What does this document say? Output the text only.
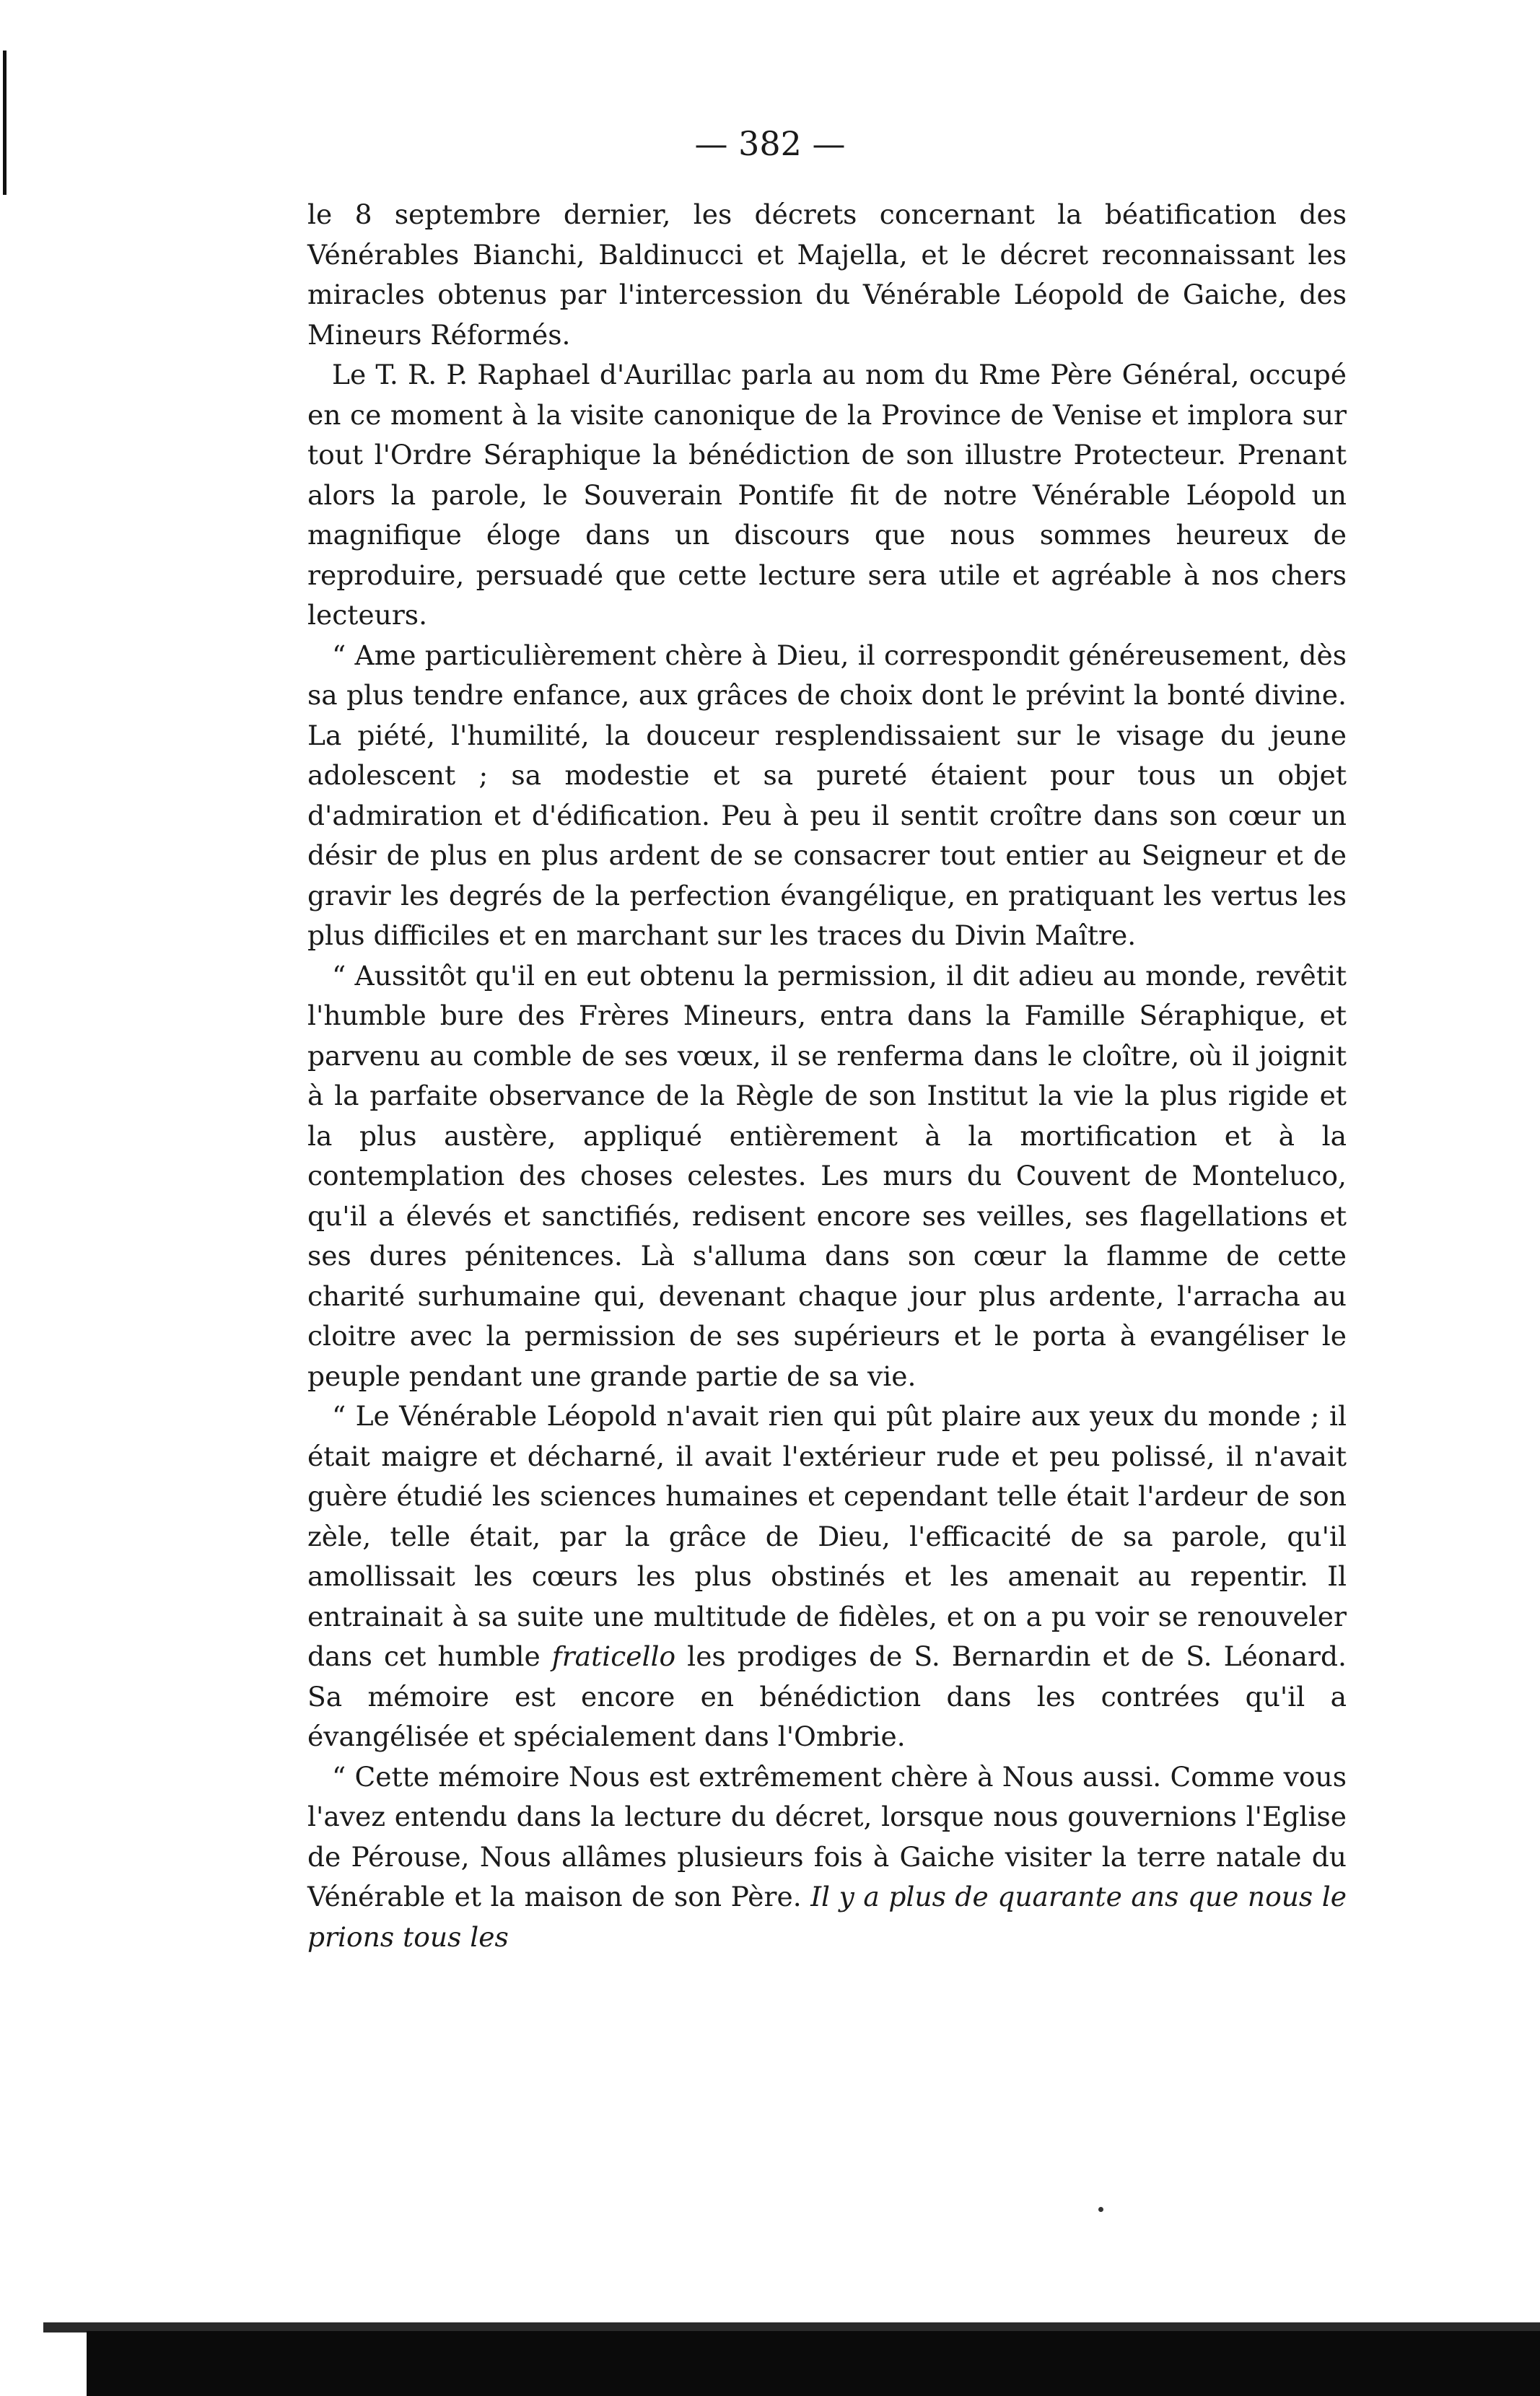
— 382 —

le 8 septembre dernier, les décrets concernant la béatification des Vénérables Bianchi, Baldinucci et Majella, et le décret reconnaissant les miracles obtenus par l'intercession du Vénérable Léopold de Gaiche, des Mineurs Réformés.

Le T. R. P. Raphael d'Aurillac parla au nom du Rme Père Général, occupé en ce moment à la visite canonique de la Province de Venise et implora sur tout l'Ordre Séraphique la bénédiction de son illustre Protecteur. Prenant alors la parole, le Souverain Pontife fit de notre Vénérable Léopold un magnifique éloge dans un discours que nous sommes heureux de reproduire, persuadé que cette lecture sera utile et agréable à nos chers lecteurs.

“ Ame particulièrement chère à Dieu, il correspondit généreusement, dès sa plus tendre enfance, aux grâces de choix dont le prévint la bonté divine. La piété, l'humilité, la douceur resplendissaient sur le visage du jeune adolescent ; sa modestie et sa pureté étaient pour tous un objet d'admiration et d'édification. Peu à peu il sentit croître dans son cœur un désir de plus en plus ardent de se consacrer tout entier au Seigneur et de gravir les degrés de la perfection évangélique, en pratiquant les vertus les plus difficiles et en marchant sur les traces du Divin Maître.

“ Aussitôt qu'il en eut obtenu la permission, il dit adieu au monde, revêtit l'humble bure des Frères Mineurs, entra dans la Famille Séraphique, et parvenu au comble de ses vœux, il se renferma dans le cloître, où il joignit à la parfaite observance de la Règle de son Institut la vie la plus rigide et la plus austère, appliqué entièrement à la mortification et à la contemplation des choses celestes. Les murs du Couvent de Monteluco, qu'il a élevés et sanctifiés, redisent encore ses veilles, ses flagellations et ses dures pénitences. Là s'alluma dans son cœur la flamme de cette charité surhumaine qui, devenant chaque jour plus ardente, l'arracha au cloitre avec la permission de ses supérieurs et le porta à evangéliser le peuple pendant une grande partie de sa vie.

“ Le Vénérable Léopold n'avait rien qui pût plaire aux yeux du monde ; il était maigre et décharné, il avait l'extérieur rude et peu polissé, il n'avait guère étudié les sciences humaines et cependant telle était l'ardeur de son zèle, telle était, par la grâce de Dieu, l'efficacité de sa parole, qu'il amollissait les cœurs les plus obstinés et les amenait au repentir. Il entrainait à sa suite une multitude de fidèles, et on a pu voir se renouveler dans cet humble fraticello les prodiges de S. Bernardin et de S. Léonard. Sa mémoire est encore en bénédiction dans les contrées qu'il a évangélisée et spécialement dans l'Ombrie.

“ Cette mémoire Nous est extrêmement chère à Nous aussi. Comme vous l'avez entendu dans la lecture du décret, lorsque nous gouvernions l'Eglise de Pérouse, Nous allâmes plusieurs fois à Gaiche visiter la terre natale du Vénérable et la maison de son Père. Il y a plus de quarante ans que nous le prions tous les
